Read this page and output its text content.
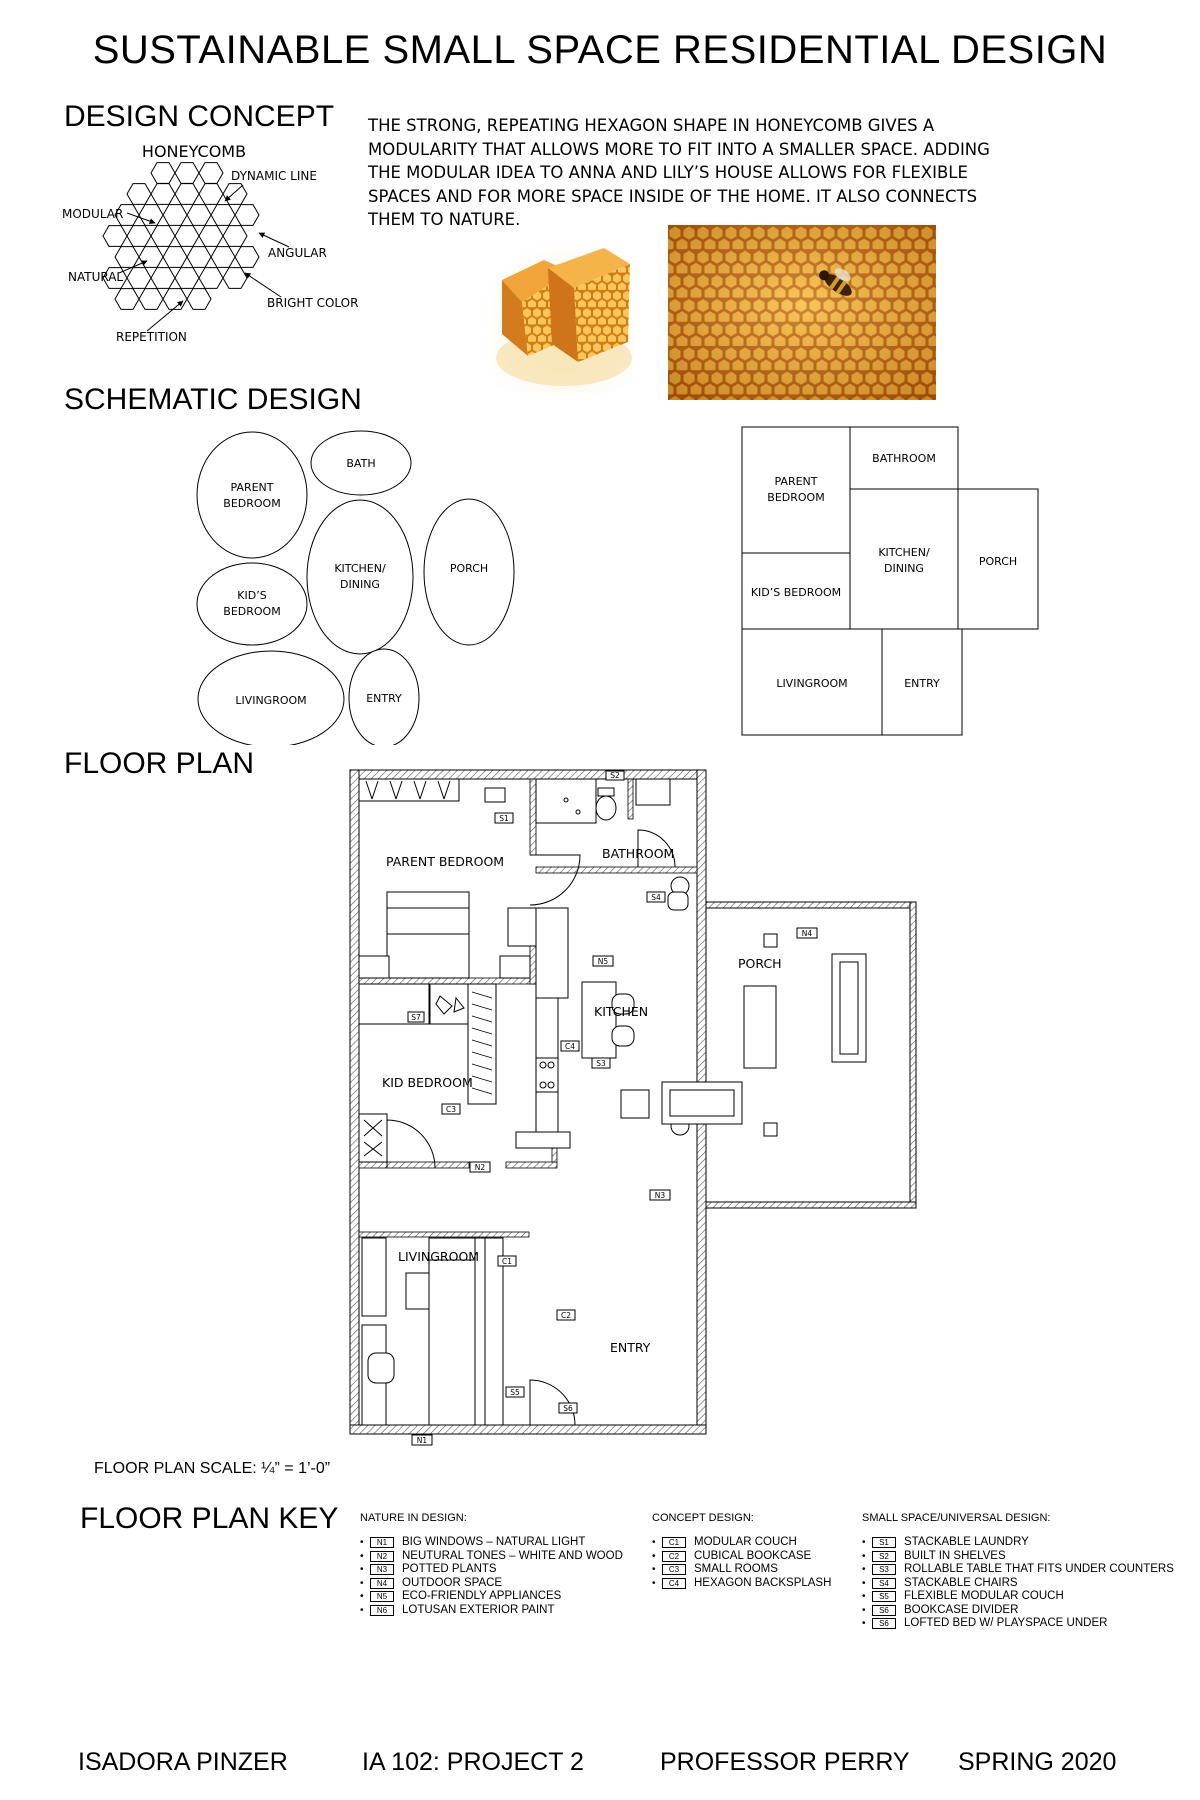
SUSTAINABLE SMALL SPACE RESIDENTIAL DESIGN
DESIGN CONCEPT
HONEYCOMB
DYNAMIC LINE
MODULAR
ANGULAR
NATURAL
BRIGHT COLOR
REPETITION
THE STRONG, REPEATING HEXAGON SHAPE IN HONEYCOMB GIVES A MODULARITY THAT ALLOWS MORE TO FIT INTO A SMALLER SPACE. ADDING THE MODULAR IDEA TO ANNA AND LILY’S HOUSE ALLOWS FOR FLEXIBLE SPACES AND FOR MORE SPACE INSIDE OF THE HOME. IT ALSO CONNECTS THEM TO NATURE.
SCHEMATIC DESIGN
PARENT
BEDROOM
BATH
KITCHEN/
DINING
PORCH
KID’S
BEDROOM
LIVINGROOM	ENTRY
PARENT
BEDROOM
BATHROOM
KITCHEN/
DINING
PORCH
KID’S BEDROOM
LIVINGROOM	ENTRY
FLOOR PLAN
PARENT BEDROOM
BATHROOM
PORCH
KITCHEN
KID BEDROOM
LIVINGROOM
ENTRY
S1
S2
S4
N4
N5
S7
S3
C4
C3
N2
N3
C1
C2
S5
S6
N1
FLOOR PLAN SCALE: ¼” = 1’-0”
FLOOR PLAN KEY NATURE IN DESIGN:
•	N1	BIG WINDOWS – NATURAL LIGHT
•	N2	NEUTURAL TONES – WHITE AND WOOD
•	N3	POTTED PLANTS
•	N4	OUTDOOR SPACE
•	N5	ECO-FRIENDLY APPLIANCES
•	N6	LOTUSAN EXTERIOR PAINT
CONCEPT DESIGN:
•	C1	MODULAR COUCH
•	C2	CUBICAL BOOKCASE
•	C3	SMALL ROOMS
•	C4	HEXAGON BACKSPLASH
SMALL SPACE/UNIVERSAL DESIGN:
•	S1	STACKABLE LAUNDRY
•	S2	BUILT IN SHELVES
•	S3	ROLLABLE TABLE THAT FITS UNDER COUNTERS
•	S4	STACKABLE CHAIRS
•	S5	FLEXIBLE MODULAR COUCH
•	S6	BOOKCASE DIVIDER
•	S6	LOFTED BED W/ PLAYSPACE UNDER
ISADORA PINZER	IA 102: PROJECT 2	PROFESSOR PERRY SPRING 2020
